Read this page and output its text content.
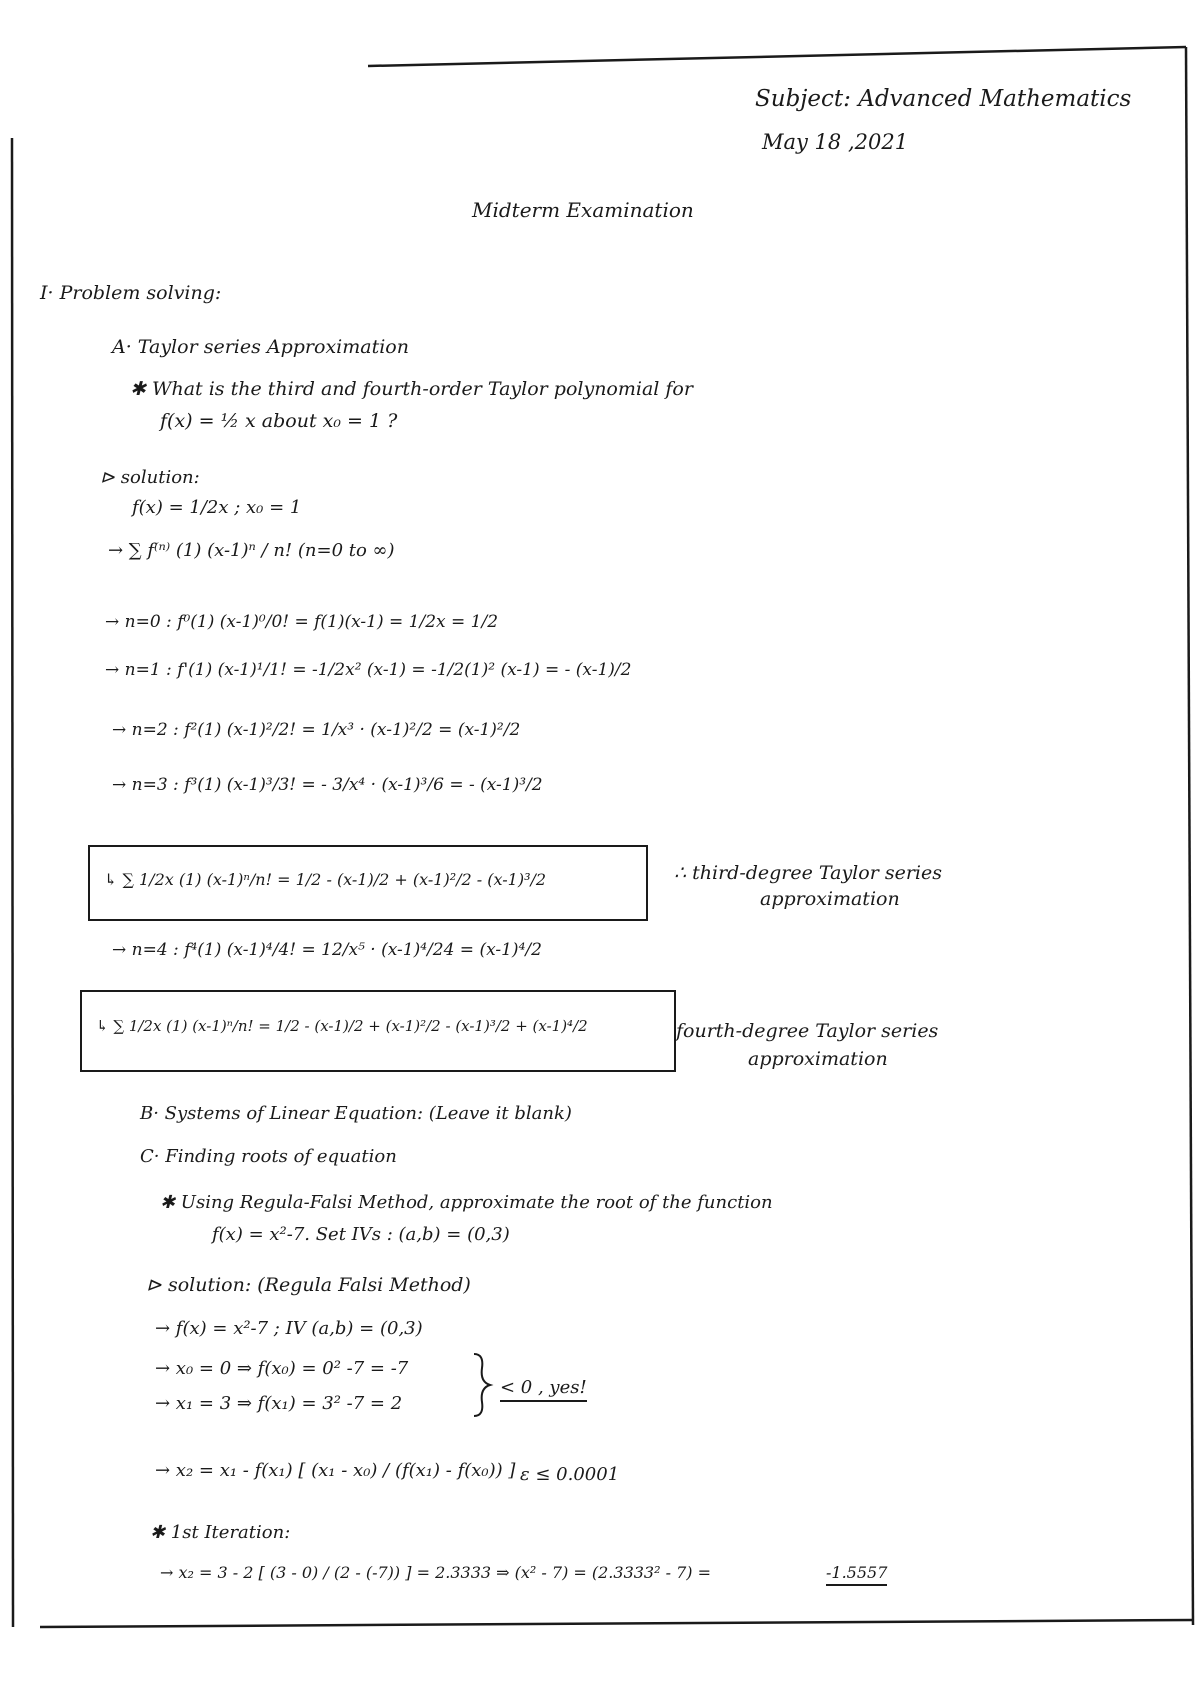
Subject: Advanced Mathematics
May 18 ,2021
Midterm Examination
I· Problem solving:
A· Taylor series Approximation
✱ What is the third and fourth-order Taylor polynomial for
f(x) = ½ x about x₀ = 1 ?
⊳ solution:
f(x) = 1/2x ; x₀ = 1
→ ∑ f⁽ⁿ⁾ (1) (x-1)ⁿ / n! (n=0 to ∞)
→ n=0 : f⁰(1) (x-1)⁰/0! = f(1)(x-1) = 1/2x = 1/2
→ n=1 : f'(1) (x-1)¹/1! = -1/2x² (x-1) = -1/2(1)² (x-1) = - (x-1)/2
→ n=2 : f²(1) (x-1)²/2! = 1/x³ · (x-1)²/2 = (x-1)²/2
→ n=3 : f³(1) (x-1)³/3! = - 3/x⁴ · (x-1)³/6 = - (x-1)³/2
↳ ∑ 1/2x (1) (x-1)ⁿ/n! = 1/2 - (x-1)/2 + (x-1)²/2 - (x-1)³/2	∴ third-degree Taylor series
approximation
→ n=4 : f⁴(1) (x-1)⁴/4! = 12/x⁵ · (x-1)⁴/24 = (x-1)⁴/2
↳ ∑ 1/2x (1) (x-1)ⁿ/n! = 1/2 - (x-1)/2 + (x-1)²/2 - (x-1)³/2 + (x-1)⁴/2	fourth-degree Taylor series
approximation
B· Systems of Linear Equation: (Leave it blank)
C· Finding roots of equation
✱ Using Regula-Falsi Method, approximate the root of the function
f(x) = x²-7. Set IVs : (a,b) = (0,3)
⊳ solution: (Regula Falsi Method)
→ f(x) = x²-7 ; IV (a,b) = (0,3)
→ x₀ = 0 ⇒ f(x₀) = 0² -7 = -7
→ x₁ = 3 ⇒ f(x₁) = 3² -7 = 2
< 0 , yes!
→ x₂ = x₁ - f(x₁) [ (x₁ - x₀) / (f(x₁) - f(x₀)) ] ε ≤ 0.0001
✱ 1st Iteration:
→ x₂ = 3 - 2 [ (3 - 0) / (2 - (-7)) ] = 2.3333 ⇒ (x² - 7) = (2.3333² - 7) =	-1.5557
